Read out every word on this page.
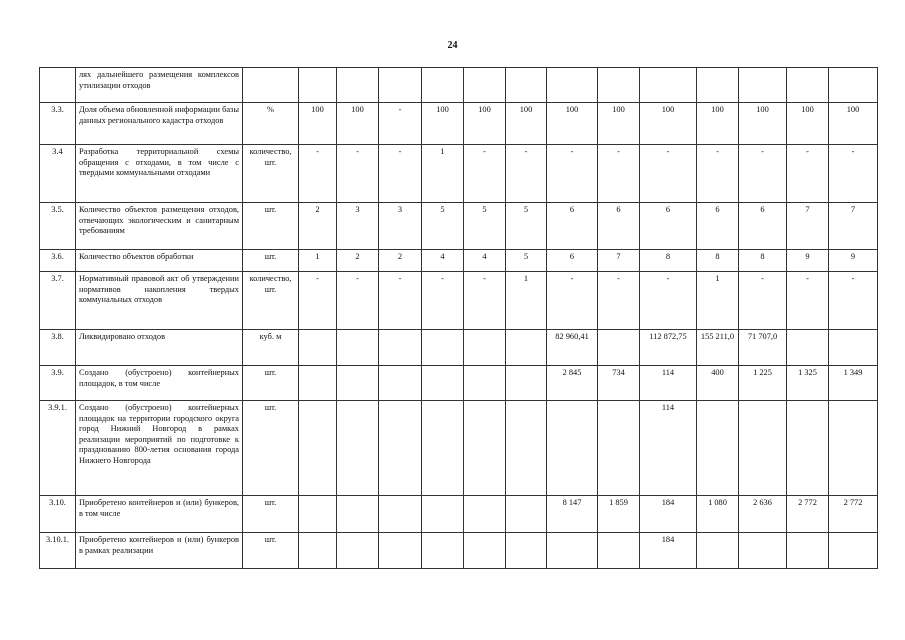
24
	лях дальнейшего размещения комплексов утилизации отходов														
3.3.	Доля объема обновленной информации базы данных регионального кадастра отходов	%	100	100	-	100	100	100	100	100	100	100	100	100	100
3.4	Разработка территориальной схемы обращения с отходами, в том числе с твердыми коммунальными отходами	количество, шт.	-	-	-	1	-	-	-	-	-	-	-	-	-
3.5.	Количество объектов размещения отходов, отвечающих экологическим и санитарным требованиям	шт.	2	3	3	5	5	5	6	6	6	6	6	7	7
3.6.	Количество объектов обработки	шт.	1	2	2	4	4	5	6	7	8	8	8	9	9
3.7.	Нормативный правовой акт об утверждении нормативов накопления твердых коммунальных отходов	количество, шт.	-	-	-	-	-	1	-	-	-	1	-	-	-
3.8.	Ликвидировано отходов	куб. м							82 960,41		112 872,75	155 211,0	71 707,0		
3.9.	Создано (обустроено) контейнерных площадок, в том числе	шт.							2 845	734	114	400	1 225	1 325	1 349
3.9.1.	Создано (обустроено) контейнерных площадок на территории городского округа город Нижний Новгород в рамках реализации мероприятий по подготовке к празднованию 800-летия основания города Нижнего Новгорода	шт.									114				
3.10.	Приобретено контейнеров и (или) бункеров, в том числе	шт.							8 147	1 859	184	1 080	2 636	2 772	2 772
3.10.1.	Приобретено контейнеров и (или) бункеров в рамках реализации	шт.									184				
